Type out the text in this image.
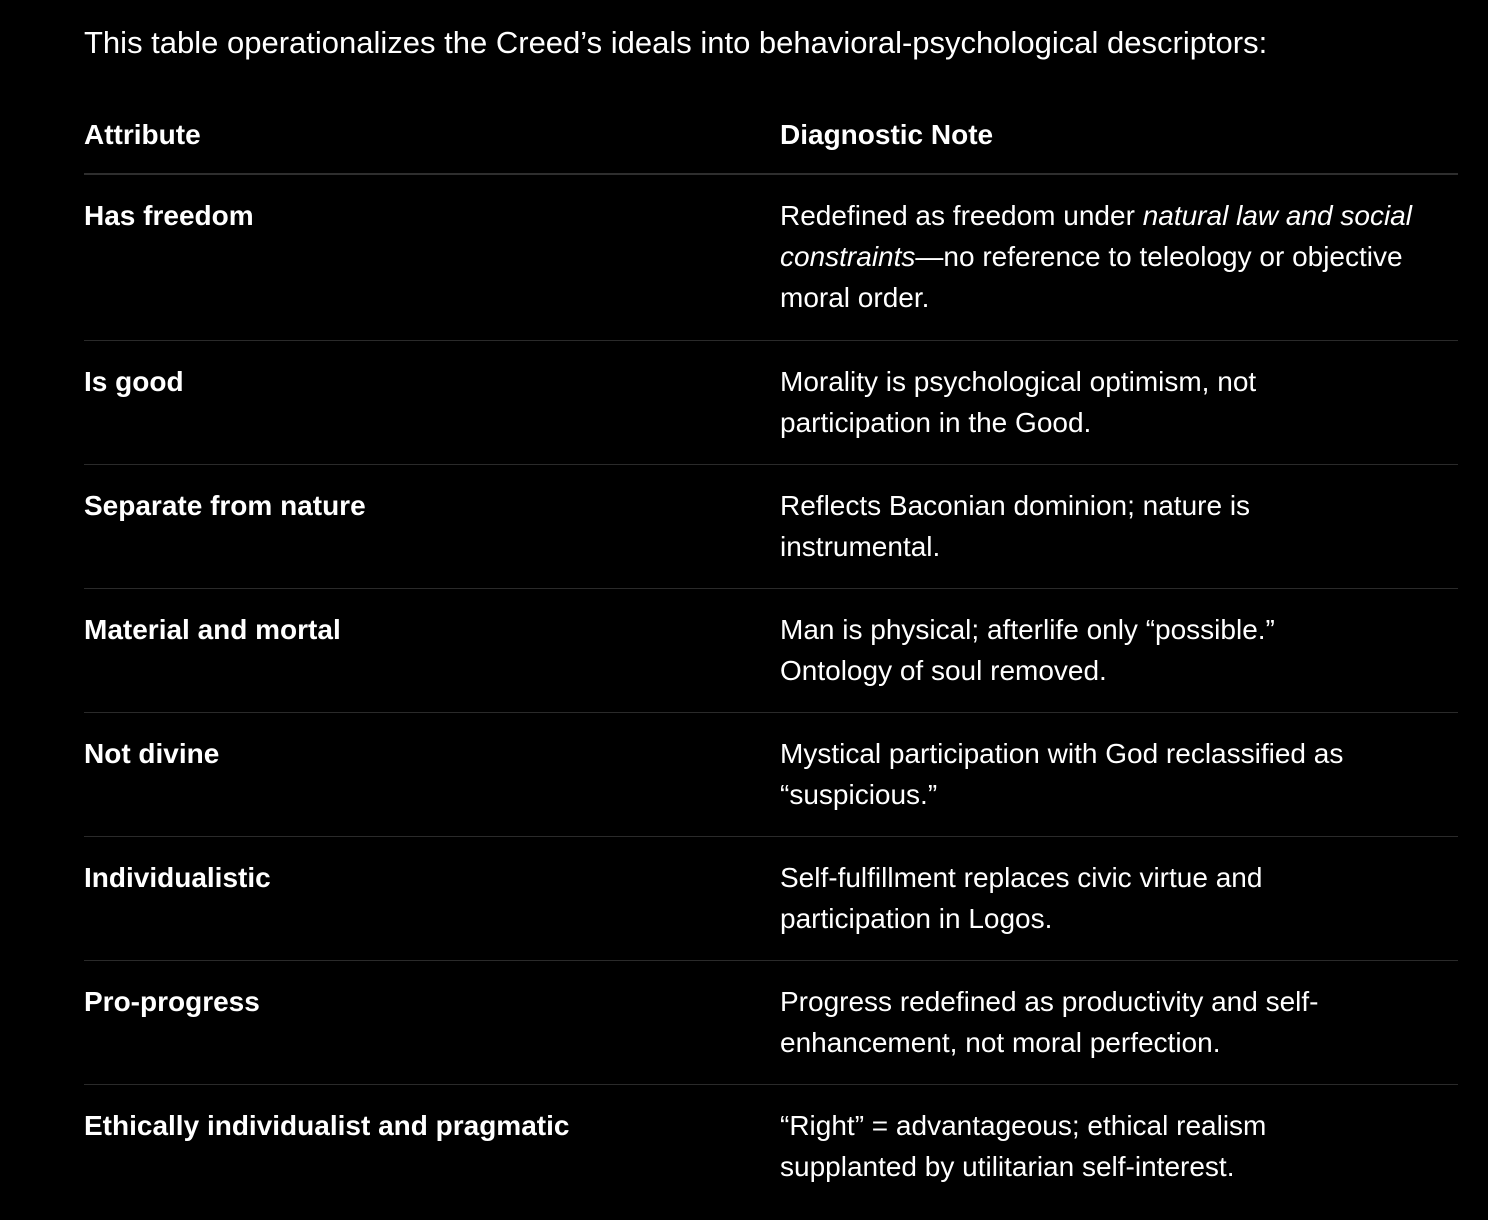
This table operationalizes the Creed’s ideals into behavioral-psychological descriptors:
Attribute	Diagnostic Note
Has freedom	Redefined as freedom under natural law and social constraints—no reference to teleology or objective moral order.
Is good	Morality is psychological optimism, not participation in the Good.
Separate from nature	Reflects Baconian dominion; nature is instrumental.
Material and mortal	Man is physical; afterlife only “possible.” Ontology of soul removed.
Not divine	Mystical participation with God reclassified as “suspicious.”
Individualistic	Self-fulfillment replaces civic virtue and participation in Logos.
Pro-progress	Progress redefined as productivity and self-enhancement, not moral perfection.
Ethically individualist and pragmatic	“Right” = advantageous; ethical realism supplanted by utilitarian self-interest.
